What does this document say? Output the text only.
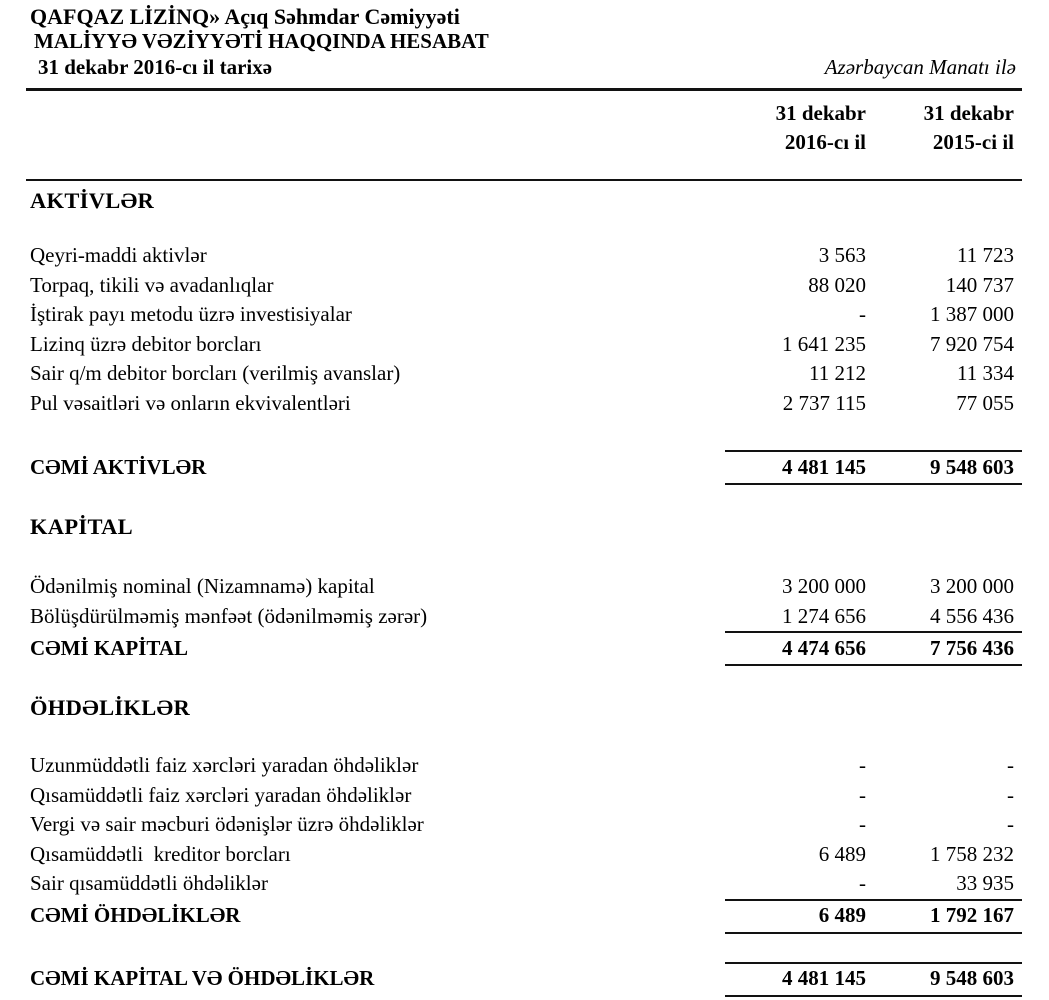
QAFQAZ LİZİNQ» Açıq Səhmdar Cəmiyyəti
MALİYYƏ VƏZİYYƏTİ HAQQINDA HESABAT
31 dekabr 2016-cı il tarixə	Azərbaycan Manatı ilə
31 dekabr
2016-cı il
31 dekabr
2015-ci il
AKTİVLƏR
Qeyri-maddi aktivlər	3 563	11 723
Torpaq, tikili və avadanlıqlar	88 020	140 737
İştirak payı metodu üzrə investisiyalar	-	1 387 000
Lizinq üzrə debitor borcları	1 641 235	7 920 754
Sair q/m debitor borcları (verilmiş avanslar)	11 212	11 334
Pul vəsaitləri və onların ekvivalentləri	2 737 115	77 055
CƏMİ AKTİVLƏR	4 481 145	9 548 603
KAPİTAL
Ödənilmiş nominal (Nizamnamə) kapital	3 200 000	3 200 000
Bölüşdürülməmiş mənfəət (ödənilməmiş zərər)	1 274 656	4 556 436
CƏMİ KAPİTAL	4 474 656	7 756 436
ÖHDƏLİKLƏR
Uzunmüddətli faiz xərcləri yaradan öhdəliklər	-	-
Qısamüddətli faiz xərcləri yaradan öhdəliklər	-	-
Vergi və sair məcburi ödənişlər üzrə öhdəliklər	-	-
Qısamüddətli  kreditor borcları	6 489	1 758 232
Sair qısamüddətli öhdəliklər	-	33 935
CƏMİ ÖHDƏLİKLƏR	6 489	1 792 167
CƏMİ KAPİTAL VƏ ÖHDƏLİKLƏR	4 481 145	9 548 603
